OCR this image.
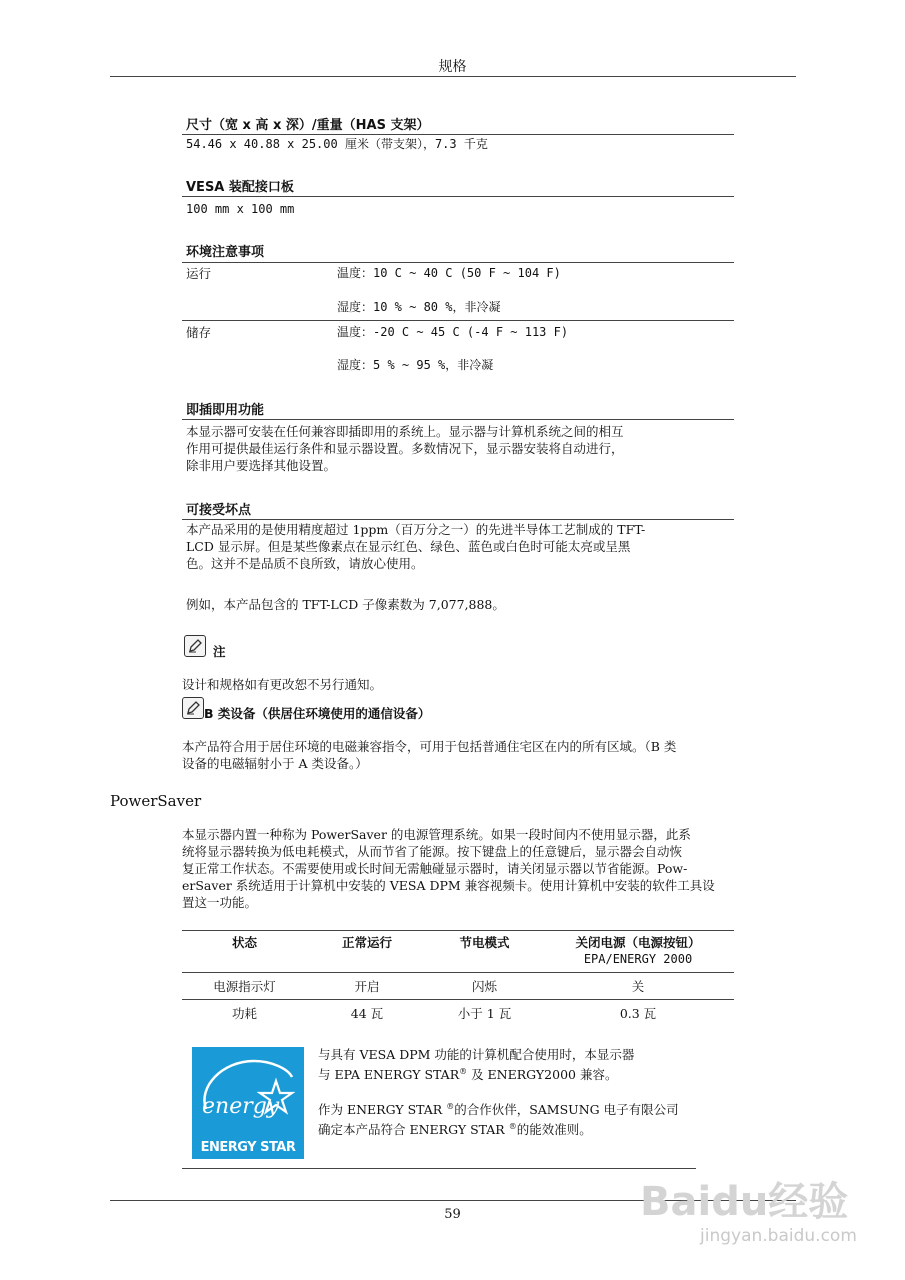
规格
尺寸（宽 x 高 x 深）/重量（HAS 支架）
54.46 x 40.88 x 25.00 厘米（带支架），7.3 千克
VESA 装配接口板
100 mm x 100 mm
环境注意事项
运行	温度：10 C ~ 40 C (50 F ~ 104 F)
湿度：10 % ~ 80 %，非冷凝
储存	温度：-20 C ~ 45 C (-4 F ~ 113 F)
湿度：5 % ~ 95 %，非冷凝
即插即用功能
本显示器可安装在任何兼容即插即用的系统上。显示器与计算机系统之间的相互
作用可提供最佳运行条件和显示器设置。多数情况下，显示器安装将自动进行，
除非用户要选择其他设置。
可接受坏点
本产品采用的是使用精度超过 1ppm（百万分之一）的先进半导体工艺制成的 TFT-
LCD 显示屏。但是某些像素点在显示红色、绿色、蓝色或白色时可能太亮或呈黑
色。这并不是品质不良所致，请放心使用。
例如，本产品包含的 TFT-LCD 子像素数为 7,077,888。
注
设计和规格如有更改恕不另行通知。
B 类设备（供居住环境使用的通信设备）
本产品符合用于居住环境的电磁兼容指令，可用于包括普通住宅区在内的所有区域。（B 类
设备的电磁辐射小于 A 类设备。）
PowerSaver
本显示器内置一种称为 PowerSaver 的电源管理系统。如果一段时间内不使用显示器，此系
统将显示器转换为低电耗模式，从而节省了能源。按下键盘上的任意键后，显示器会自动恢
复正常工作状态。不需要使用或长时间无需触碰显示器时，请关闭显示器以节省能源。Pow-
erSaver 系统适用于计算机中安装的 VESA DPM 兼容视频卡。使用计算机中安装的软件工具设
置这一功能。
状态	正常运行	节电模式	关闭电源（电源按钮）
EPA/ENERGY 2000

电源指示灯	开启	闪烁	关
功耗	44 瓦	小于 1 瓦	0.3 瓦
energy
ENERGY STAR
与具有 VESA DPM 功能的计算机配合使用时，本显示器
与 EPA ENERGY STAR® 及 ENERGY2000 兼容。
作为 ENERGY STAR ®的合作伙伴，SAMSUNG 电子有限公司
确定本产品符合 ENERGY STAR ®的能效准则。
59	Baidu经验
jingyan.baidu.com
